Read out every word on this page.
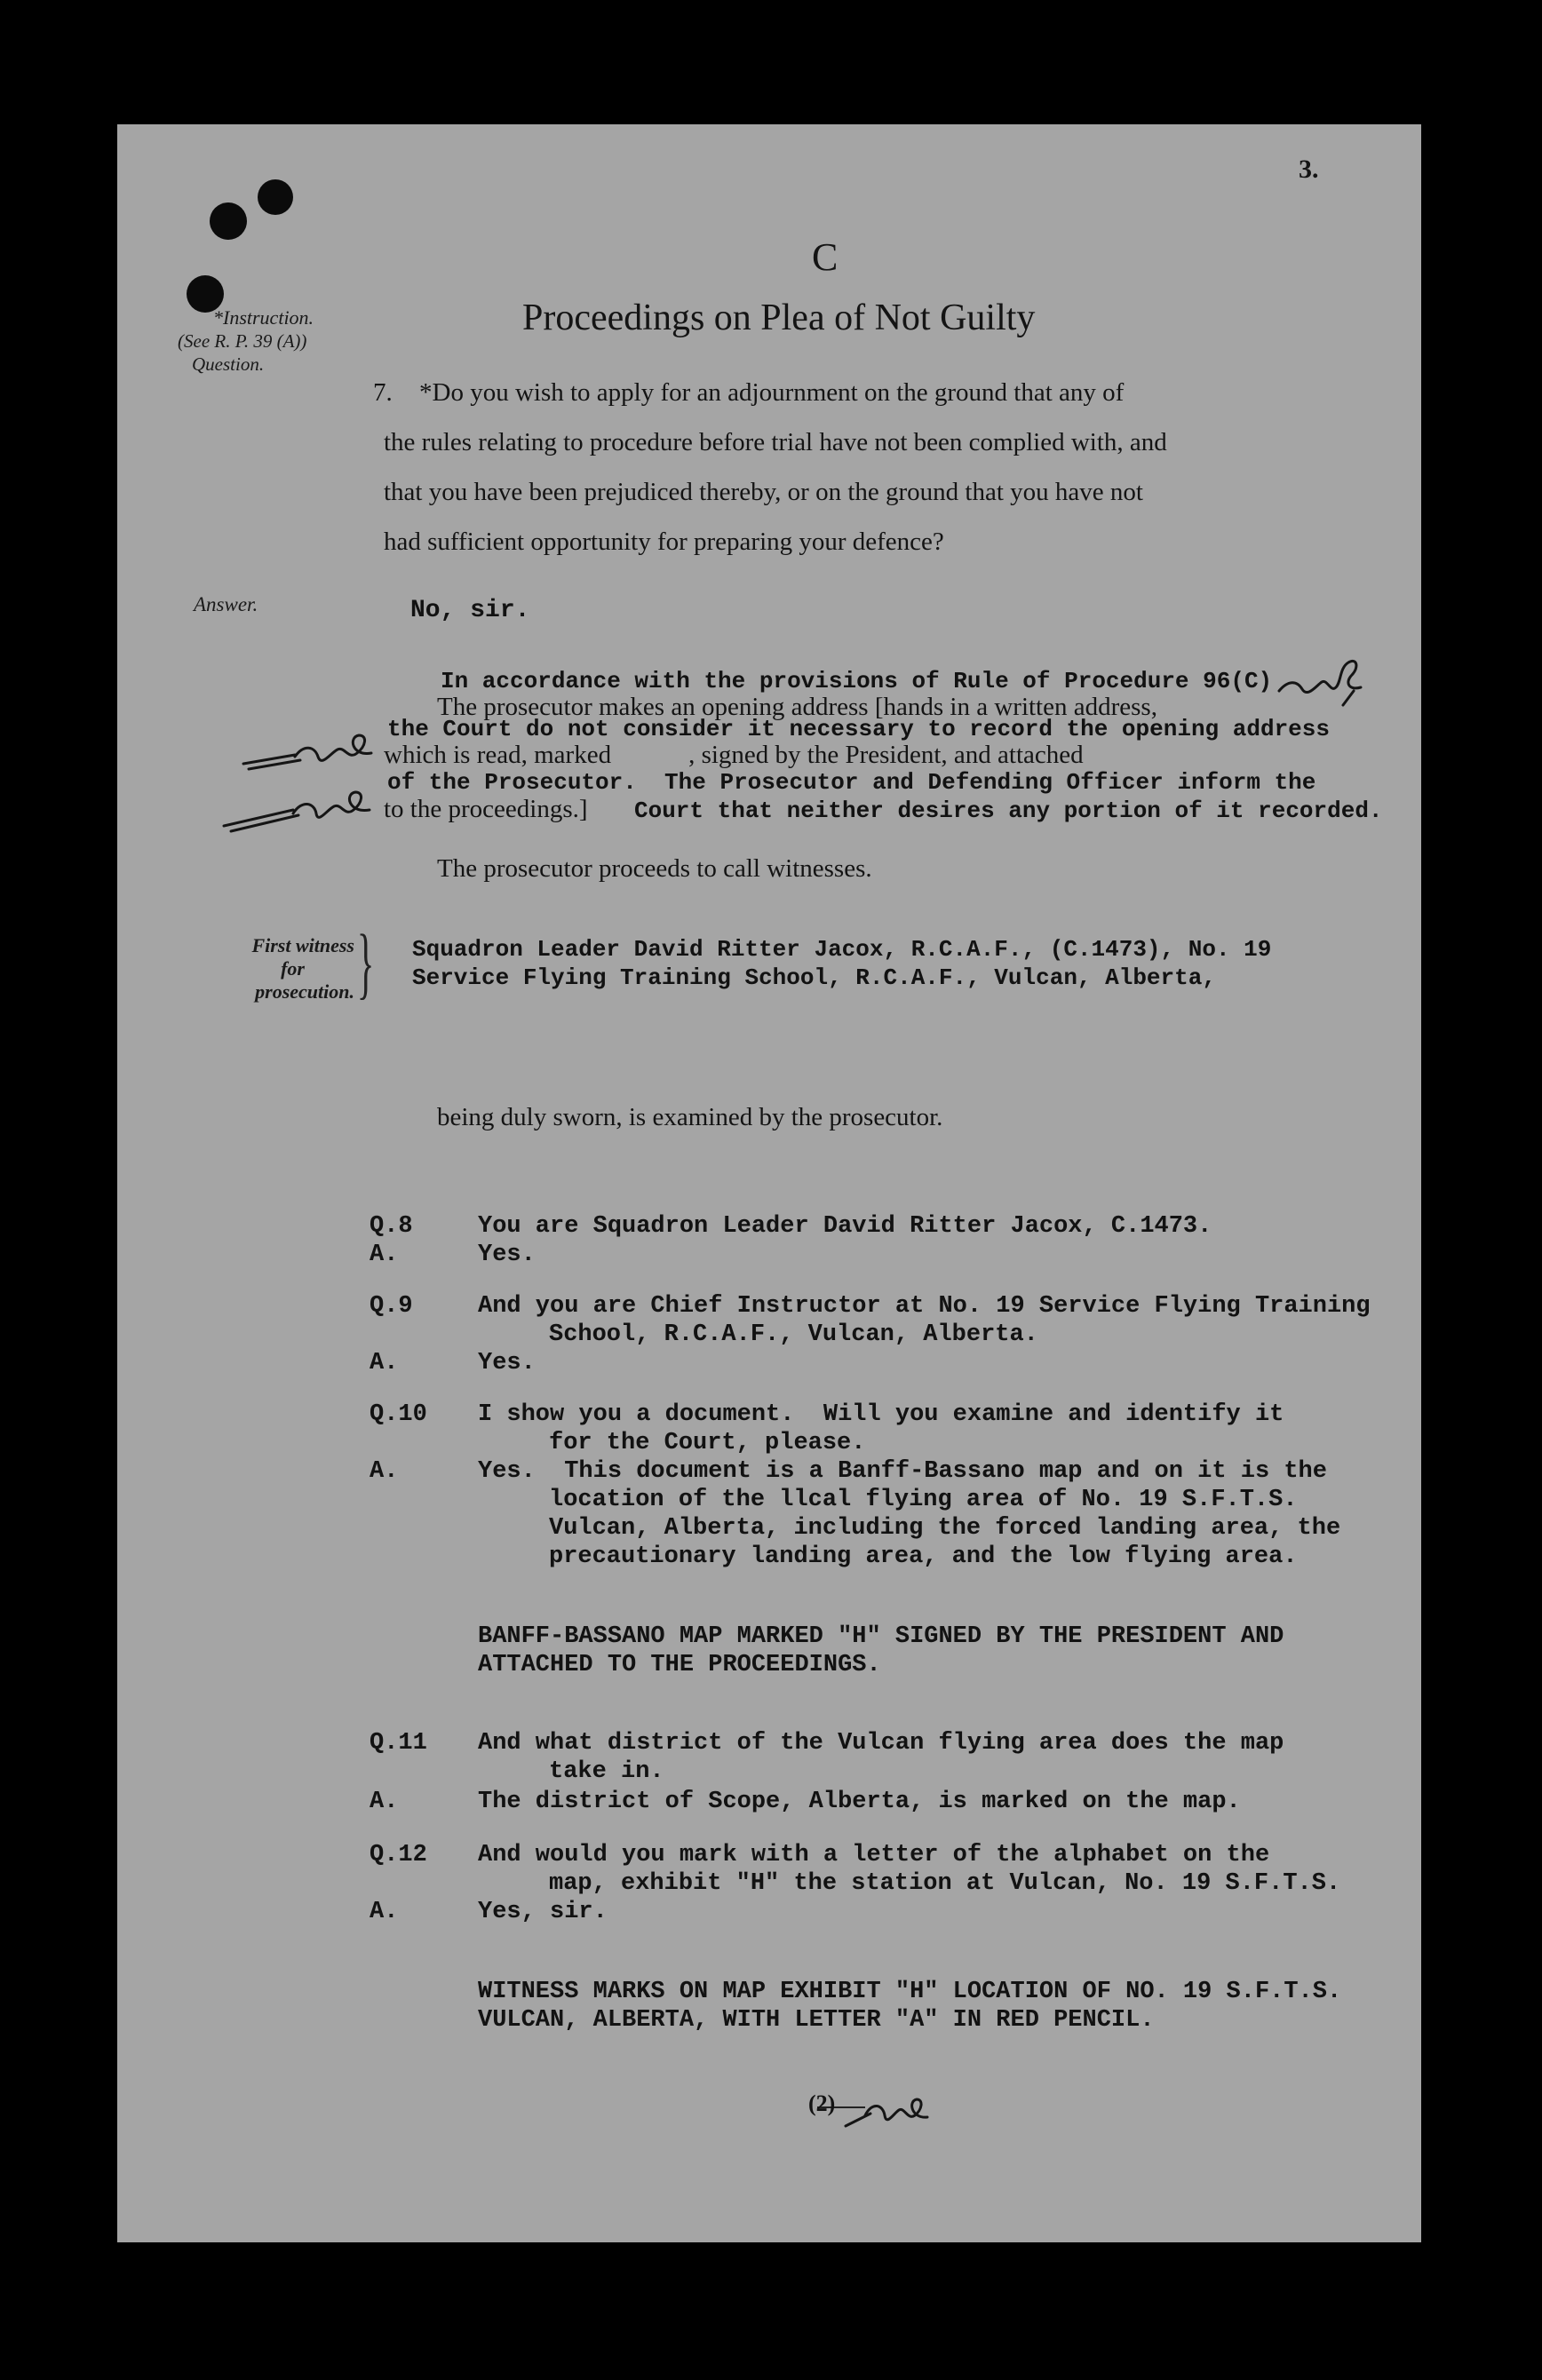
3.
C
Proceedings on Plea of Not Guilty
*Instruction.
(See R. P. 39 (A))
Question.
Answer.
First witness
for
prosecution. }
7.	*Do you wish to apply for an adjournment on the ground that any of
the rules relating to procedure before trial have not been complied with, and
that you have been prejudiced thereby, or on the ground that you have not
had sufficient opportunity for preparing your defence?
No, sir.
In accordance with the provisions of Rule of Procedure 96(C)
The prosecutor makes an opening address [hands in a written address,
the Court do not consider it necessary to record the opening address
which is read, marked            , signed by the President, and attached
of the Prosecutor.  The Prosecutor and Defending Officer inform the
to the proceedings.] Court that neither desires any portion of it recorded.
The prosecutor proceeds to call witnesses.
Squadron Leader David Ritter Jacox, R.C.A.F., (C.1473), No. 19
Service Flying Training School, R.C.A.F., Vulcan, Alberta,
being duly sworn, is examined by the prosecutor.
Q.8	You are Squadron Leader David Ritter Jacox, C.1473.
A.	Yes.
Q.9	And you are Chief Instructor at No. 19 Service Flying Training
School, R.C.A.F., Vulcan, Alberta.
A.	Yes.
Q.10 I show you a document.  Will you examine and identify it
for the Court, please.
A.	Yes.  This document is a Banff-Bassano map and on it is the
location of the llcal flying area of No. 19 S.F.T.S.
Vulcan, Alberta, including the forced landing area, the
precautionary landing area, and the low flying area.
BANFF-BASSANO MAP MARKED "H" SIGNED BY THE PRESIDENT AND
ATTACHED TO THE PROCEEDINGS.
Q.11 And what district of the Vulcan flying area does the map
take in.
A.	The district of Scope, Alberta, is marked on the map.
Q.12 And would you mark with a letter of the alphabet on the
map, exhibit "H" the station at Vulcan, No. 19 S.F.T.S.
A.	Yes, sir.
WITNESS MARKS ON MAP EXHIBIT "H" LOCATION OF NO. 19 S.F.T.S.
VULCAN, ALBERTA, WITH LETTER "A" IN RED PENCIL.
(2)
